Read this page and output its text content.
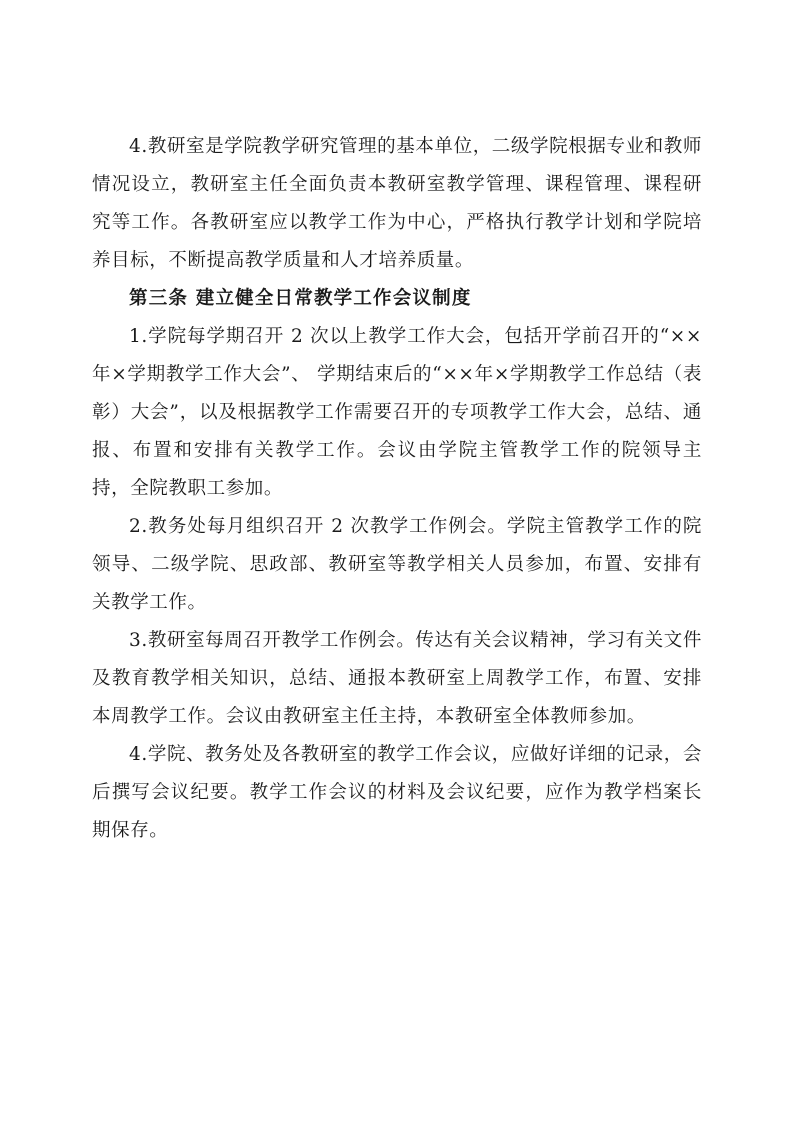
4.教研室是学院教学研究管理的基本单位，二级学院根据专业和教师情况设立，教研室主任全面负责本教研室教学管理、课程管理、课程研究等工作。各教研室应以教学工作为中心，严格执行教学计划和学院培养目标，不断提高教学质量和人才培养质量。

第三条 建立健全日常教学工作会议制度

1.学院每学期召开 2 次以上教学工作大会，包括开学前召开的“××年×学期教学工作大会”、 学期结束后的“××年×学期教学工作总结（表彰）大会”，以及根据教学工作需要召开的专项教学工作大会，总结、通报、布置和安排有关教学工作。会议由学院主管教学工作的院领导主持，全院教职工参加。

2.教务处每月组织召开 2 次教学工作例会。学院主管教学工作的院领导、二级学院、思政部、教研室等教学相关人员参加，布置、安排有关教学工作。

3.教研室每周召开教学工作例会。传达有关会议精神，学习有关文件及教育教学相关知识，总结、通报本教研室上周教学工作，布置、安排本周教学工作。会议由教研室主任主持，本教研室全体教师参加。

4.学院、教务处及各教研室的教学工作会议，应做好详细的记录，会后撰写会议纪要。教学工作会议的材料及会议纪要，应作为教学档案长期保存。
